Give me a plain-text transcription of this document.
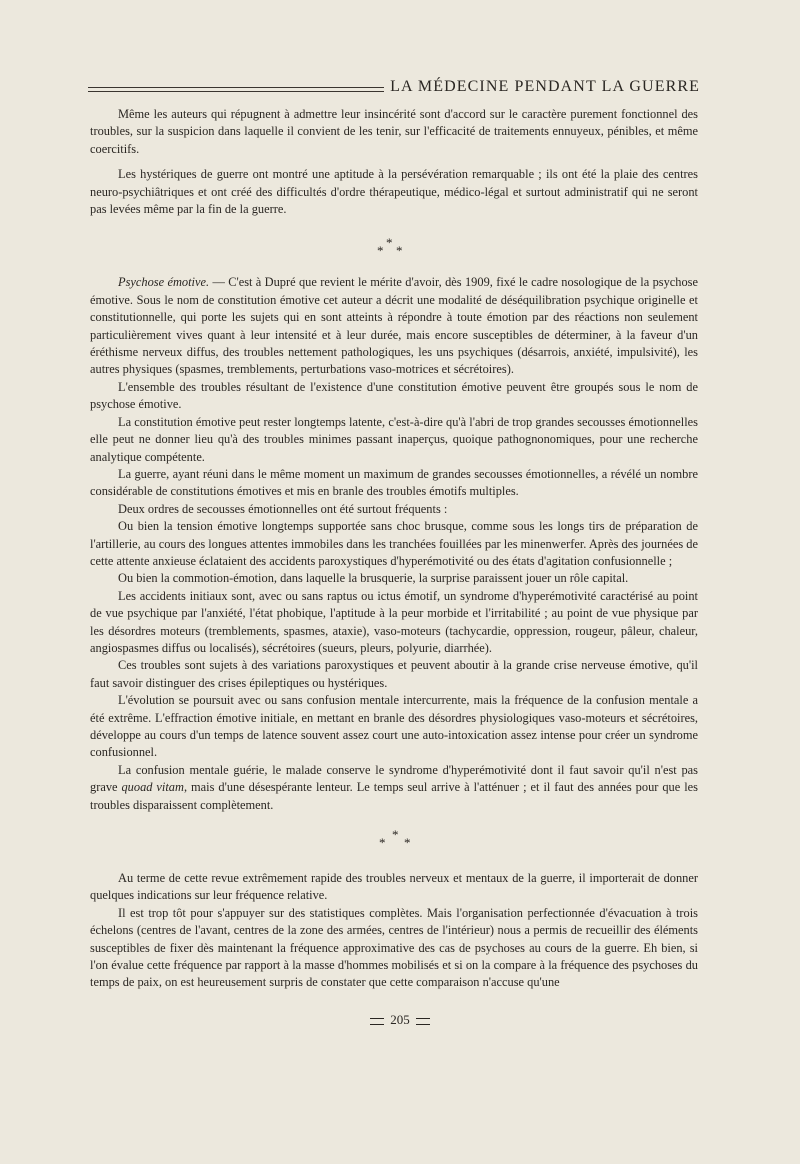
LA MÉDECINE PENDANT LA GUERRE

Même les auteurs qui répugnent à admettre leur insincérité sont d'accord sur le caractère purement fonctionnel des troubles, sur la suspicion dans laquelle il convient de les tenir, sur l'efficacité de traitements ennuyeux, pénibles, et même coercitifs.

Les hystériques de guerre ont montré une aptitude à la persévération remarquable ; ils ont été la plaie des centres neuro-psychiâtriques et ont créé des difficultés d'ordre thérapeutique, médico-légal et surtout administratif qui ne seront pas levées même par la fin de la guerre.

*
* *

Psychose émotive. — C'est à Dupré que revient le mérite d'avoir, dès 1909, fixé le cadre nosologique de la psychose émotive. Sous le nom de constitution émotive cet auteur a décrit une modalité de déséquilibration psychique originelle et constitutionnelle, qui porte les sujets qui en sont atteints à répondre à toute émotion par des réactions non seulement particulièrement vives quant à leur intensité et à leur durée, mais encore susceptibles de déterminer, à la faveur d'un éréthisme nerveux diffus, des troubles nettement pathologiques, les uns psychiques (désarrois, anxiété, impulsivité), les autres physiques (spasmes, tremblements, perturbations vaso-motrices et sécrétoires).

L'ensemble des troubles résultant de l'existence d'une constitution émotive peuvent être groupés sous le nom de psychose émotive.

La constitution émotive peut rester longtemps latente, c'est-à-dire qu'à l'abri de trop grandes secousses émotionnelles elle peut ne donner lieu qu'à des troubles minimes passant inaperçus, quoique pathognonomiques, pour une recherche analytique compétente.

La guerre, ayant réuni dans le même moment un maximum de grandes secousses émotionnelles, a révélé un nombre considérable de constitutions émotives et mis en branle des troubles émotifs multiples.

Deux ordres de secousses émotionnelles ont été surtout fréquents :

Ou bien la tension émotive longtemps supportée sans choc brusque, comme sous les longs tirs de préparation de l'artillerie, au cours des longues attentes immobiles dans les tranchées fouillées par les minenwerfer. Après des journées de cette attente anxieuse éclataient des accidents paroxystiques d'hyperémotivité ou des états d'agitation confusionnelle ;

Ou bien la commotion-émotion, dans laquelle la brusquerie, la surprise paraissent jouer un rôle capital.

Les accidents initiaux sont, avec ou sans raptus ou ictus émotif, un syndrome d'hyperémotivité caractérisé au point de vue psychique par l'anxiété, l'état phobique, l'aptitude à la peur morbide et l'irritabilité ; au point de vue physique par les désordres moteurs (tremblements, spasmes, ataxie), vaso-moteurs (tachycardie, oppression, rougeur, pâleur, chaleur, angiospasmes diffus ou localisés), sécrétoires (sueurs, pleurs, polyurie, diarrhée).

Ces troubles sont sujets à des variations paroxystiques et peuvent aboutir à la grande crise nerveuse émotive, qu'il faut savoir distinguer des crises épileptiques ou hystériques.

L'évolution se poursuit avec ou sans confusion mentale intercurrente, mais la fréquence de la confusion mentale a été extrême. L'effraction émotive initiale, en mettant en branle des désordres physiologiques vaso-moteurs et sécrétoires, développe au cours d'un temps de latence souvent assez court une auto-intoxication assez intense pour créer un syndrome confusionnel.

La confusion mentale guérie, le malade conserve le syndrome d'hyperémotivité dont il faut savoir qu'il n'est pas grave quoad vitam, mais d'une désespérante lenteur. Le temps seul arrive à l'atténuer ; et il faut des années pour que les troubles disparaissent complètement.

*
* *

Au terme de cette revue extrêmement rapide des troubles nerveux et mentaux de la guerre, il importerait de donner quelques indications sur leur fréquence relative.

Il est trop tôt pour s'appuyer sur des statistiques complètes. Mais l'organisation perfectionnée d'évacuation à trois échelons (centres de l'avant, centres de la zone des armées, centres de l'intérieur) nous a permis de recueillir des éléments susceptibles de fixer dès maintenant la fréquence approximative des cas de psychoses au cours de la guerre. Eh bien, si l'on évalue cette fréquence par rapport à la masse d'hommes mobilisés et si on la compare à la fréquence des psychoses du temps de paix, on est heureusement surpris de constater que cette comparaison n'accuse qu'une

205
